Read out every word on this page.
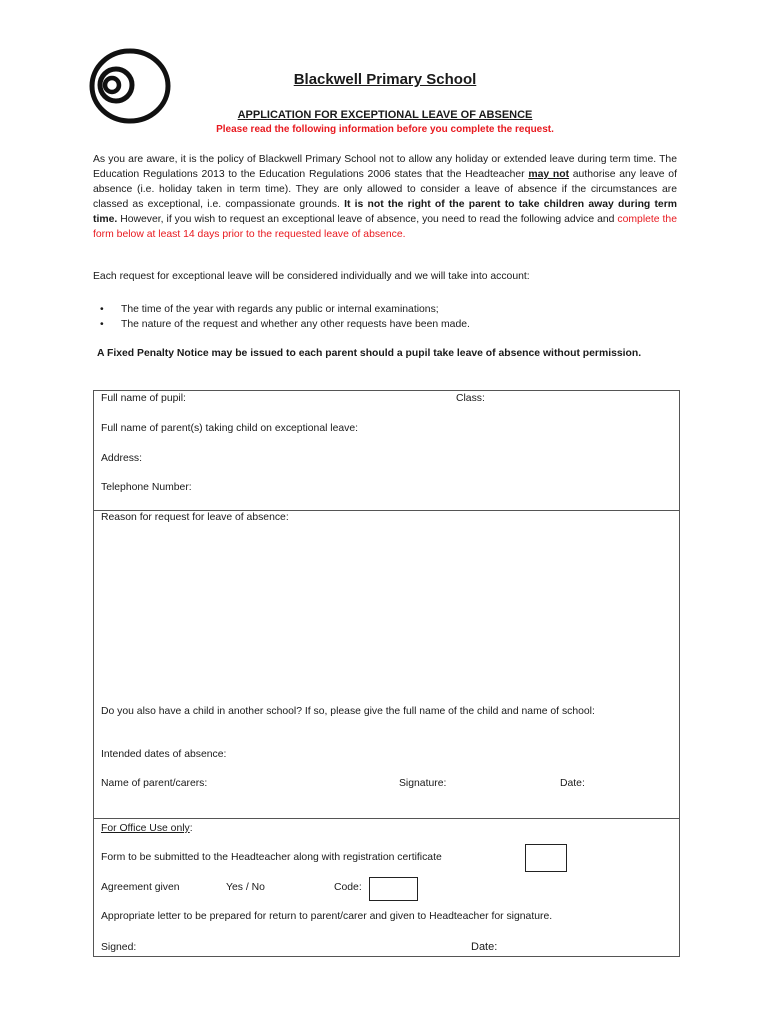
Blackwell Primary School
APPLICATION FOR EXCEPTIONAL LEAVE OF ABSENCE
Please read the following information before you complete the request.
As you are aware, it is the policy of Blackwell Primary School not to allow any holiday or extended leave during term time. The Education Regulations 2013 to the Education Regulations 2006 states that the Headteacher may not authorise any leave of absence (i.e. holiday taken in term time). They are only allowed to consider a leave of absence if the circumstances are classed as exceptional, i.e. compassionate grounds. It is not the right of the parent to take children away during term time. However, if you wish to request an exceptional leave of absence, you need to read the following advice and complete the form below at least 14 days prior to the requested leave of absence.
Each request for exceptional leave will be considered individually and we will take into account:
• The time of the year with regards any public or internal examinations;
• The nature of the request and whether any other requests have been made.
A Fixed Penalty Notice may be issued to each parent should a pupil take leave of absence without permission.
Full name of pupil:	Class:
Full name of parent(s) taking child on exceptional leave:
Address:
Telephone Number:
Reason for request for leave of absence:
Do you also have a child in another school? If so, please give the full name of the child and name of school:
Intended dates of absence:
Name of parent/carers:	Signature:	Date:
For Office Use only:
Form to be submitted to the Headteacher along with registration certificate
Agreement given	Yes / No	Code:
Appropriate letter to be prepared for return to parent/carer and given to Headteacher for signature.
Signed:	Date:
